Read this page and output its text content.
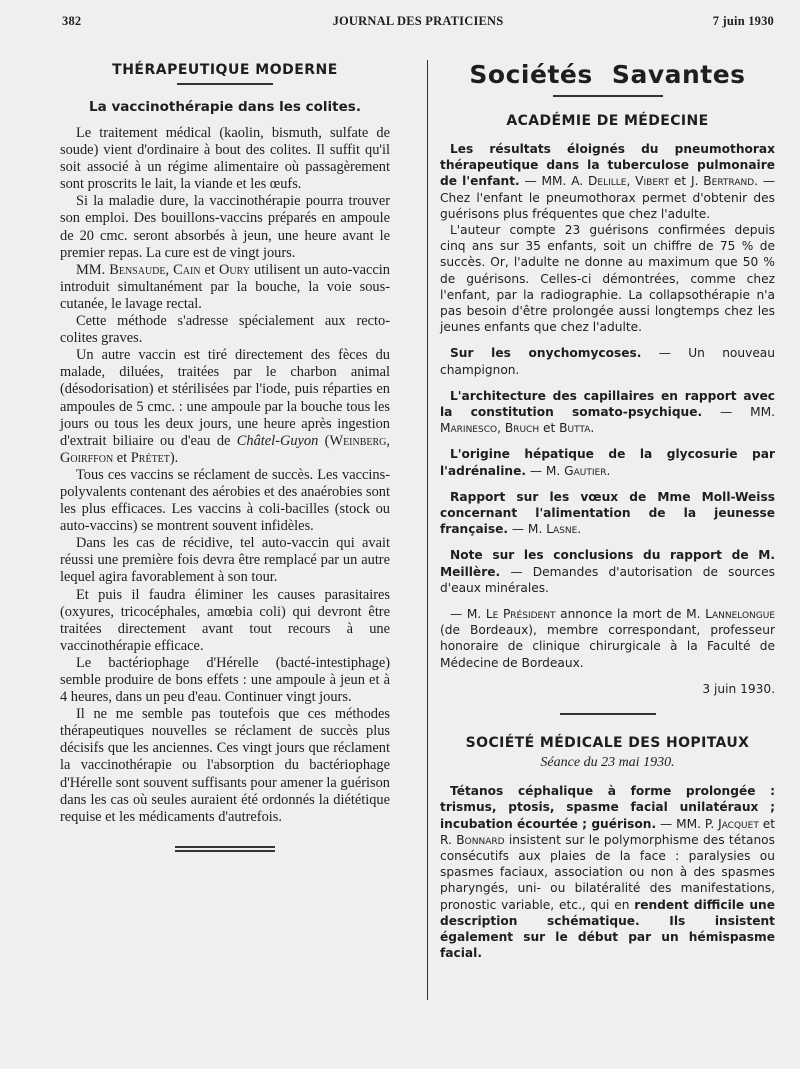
382	JOURNAL DES PRATICIENS	7 juin 1930
THÉRAPEUTIQUE MODERNE
La vaccinothérapie dans les colites.

Le traitement médical (kaolin, bismuth, sulfate de soude) vient d'ordinaire à bout des colites. Il suffit qu'il soit associé à un régime alimentaire où passagèrement sont proscrits le lait, la viande et les œufs.

Si la maladie dure, la vaccinothérapie pourra trouver son emploi. Des bouillons-vaccins préparés en ampoule de 20 cmc. seront absorbés à jeun, une heure avant le premier repas. La cure est de vingt jours.

MM. Bensaude, Cain et Oury utilisent un auto-vaccin introduit simultanément par la bouche, la voie sous-cutanée, le lavage rectal.

Cette méthode s'adresse spécialement aux recto-colites graves.

Un autre vaccin est tiré directement des fèces du malade, diluées, traitées par le charbon animal (désodorisation) et stérilisées par l'iode, puis réparties en ampoules de 5 cmc. : une ampoule par la bouche tous les jours ou tous les deux jours, une heure après ingestion d'extrait biliaire ou d'eau de Châtel-Guyon (Weinberg, Goirffon et Prétet).

Tous ces vaccins se réclament de succès. Les vaccins-polyvalents contenant des aérobies et des anaérobies sont les plus efficaces. Les vaccins à coli-bacilles (stock ou auto-vaccins) se montrent souvent infidèles.

Dans les cas de récidive, tel auto-vaccin qui avait réussi une première fois devra être remplacé par un autre lequel agira favorablement à son tour.

Et puis il faudra éliminer les causes parasitaires (oxyures, tricocéphales, amœbia coli) qui devront être traitées directement avant tout recours à une vaccinothérapie efficace.

Le bactériophage d'Hérelle (bacté-intestiphage) semble produire de bons effets : une ampoule à jeun et à 4 heures, dans un peu d'eau. Continuer vingt jours.

Il ne me semble pas toutefois que ces méthodes thérapeutiques nouvelles se réclament de succès plus décisifs que les anciennes. Ces vingt jours que réclament la vaccinothérapie ou l'absorption du bactériophage d'Hérelle sont souvent suffisants pour amener la guérison dans les cas où seules auraient été ordonnés la diététique requise et les médicaments d'autrefois.

Sociétés Savantes
ACADÉMIE DE MÉDECINE

Les résultats éloignés du pneumothorax thérapeutique dans la tuberculose pulmonaire de l'enfant. — MM. A. Delille, Vibert et J. Bertrand. — Chez l'enfant le pneumothorax permet d'obtenir des guérisons plus fréquentes que chez l'adulte.

L'auteur compte 23 guérisons confirmées depuis cinq ans sur 35 enfants, soit un chiffre de 75 % de succès. Or, l'adulte ne donne au maximum que 50 % de guérisons. Celles-ci démontrées, comme chez l'enfant, par la radiographie. La collapsothérapie n'a pas besoin d'être prolongée aussi longtemps chez les jeunes enfants que chez l'adulte.

Sur les onychomycoses. — Un nouveau champignon.

L'architecture des capillaires en rapport avec la constitution somato-psychique. — MM. Marinesco, Bruch et Butta.

L'origine hépatique de la glycosurie par l'adrénaline. — M. Gautier.

Rapport sur les vœux de Mme Moll-Weiss concernant l'alimentation de la jeunesse française. — M. Lasne.

Note sur les conclusions du rapport de M. Meillère. — Demandes d'autorisation de sources d'eaux minérales.

— M. Le Président annonce la mort de M. Lannelongue (de Bordeaux), membre correspondant, professeur honoraire de clinique chirurgicale à la Faculté de Médecine de Bordeaux.

3 juin 1930.

SOCIÉTÉ MÉDICALE DES HOPITAUX
Séance du 23 mai 1930.

Tétanos céphalique à forme prolongée : trismus, ptosis, spasme facial unilatéraux ; incubation écourtée ; guérison. — MM. P. Jacquet et R. Bonnard insistent sur le polymorphisme des tétanos consécutifs aux plaies de la face : paralysies ou spasmes faciaux, association ou non à des spasmes pharyngés, uni- ou bilatéralité des manifestations, pronostic variable, etc., qui en rendent difficile une description schématique. Ils insistent également sur le début par un hémispasme facial.
